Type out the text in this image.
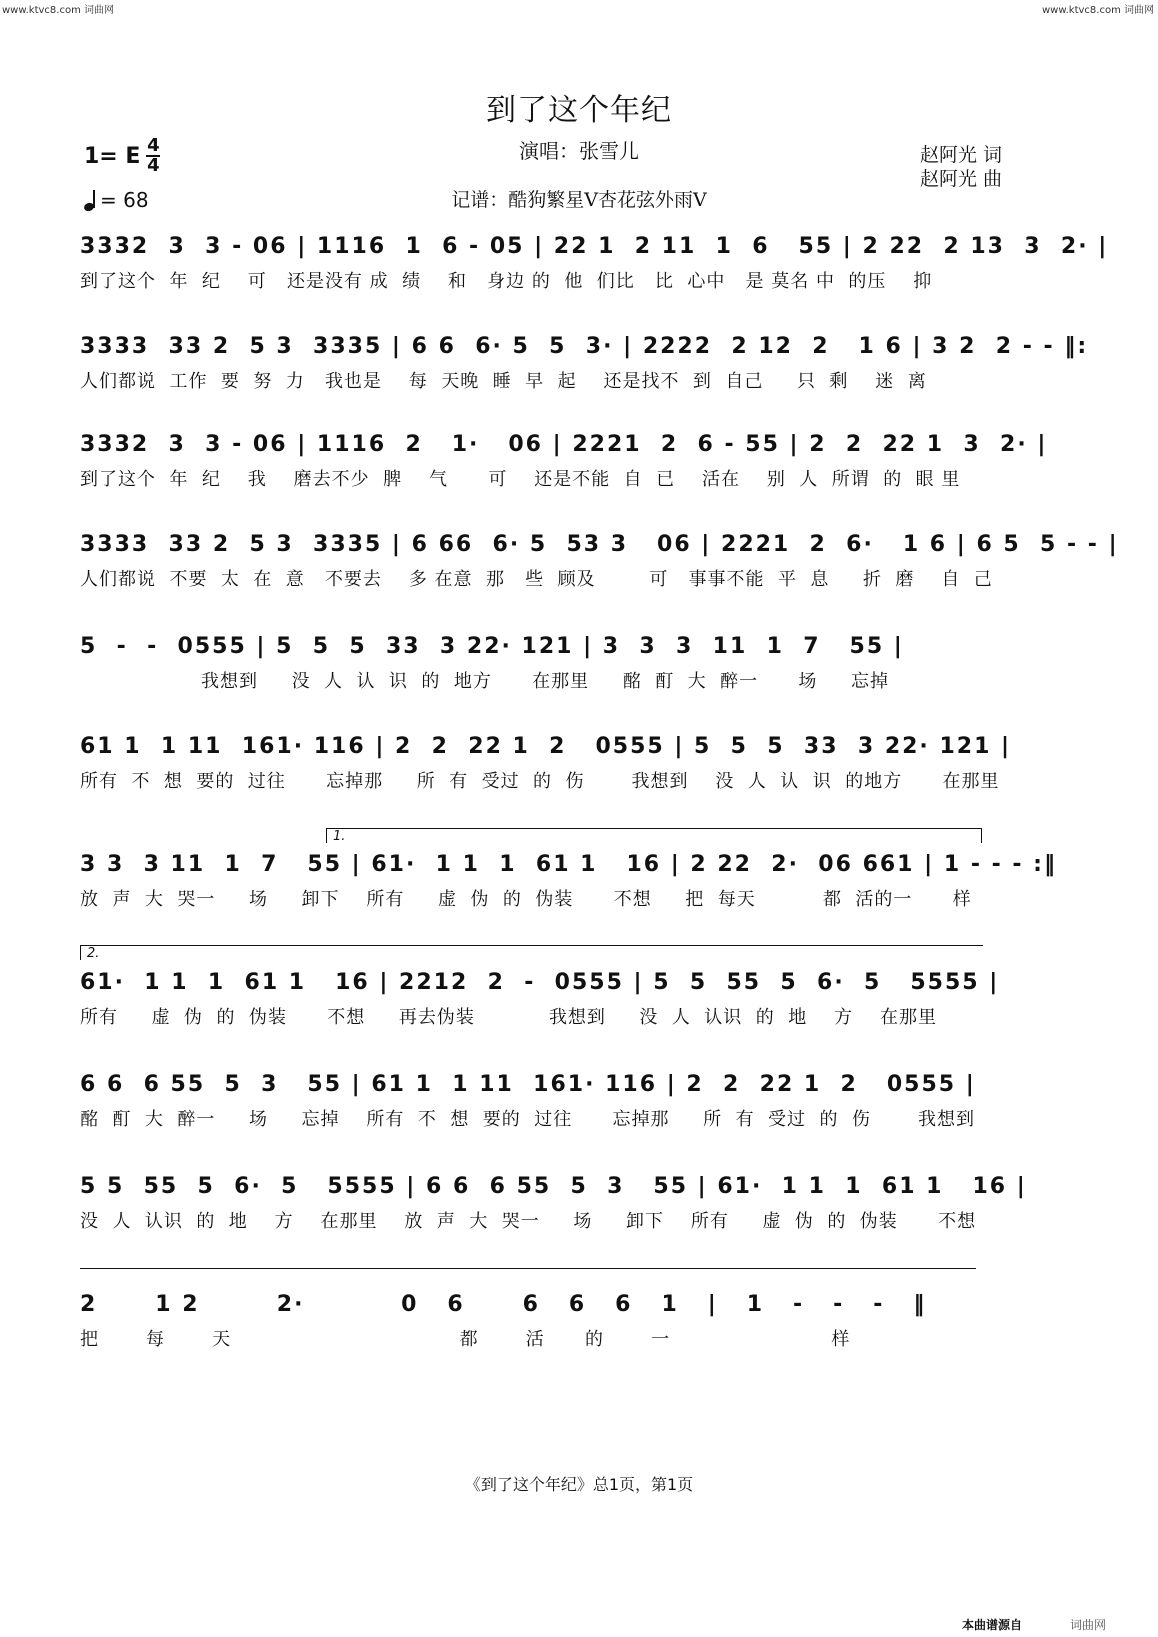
www.ktvc8.com 词曲网	www.ktvc8.com 词曲网
到了这个年纪
1= E $\frac{4}{4}$
= 68
演唱：张雪儿
记谱：酷狗繁星V杏花弦外雨V
赵阿光 词
赵阿光 曲
3332  3  3 - 06 | 1116  1  6 - 05 | 22 1  2 11  1  6   55 | 2 22  2 13  3  2· |
到了这个  年  纪    可   还是没有 成  绩    和   身边 的  他  们比   比  心中   是 莫名 中  的压    抑
3333  33 2  5 3  3335 | 6 6  6· 5  5  3· | 2222  2 12  2   1 6 | 3 2  2 - - ‖:
人们都说  工作  要  努  力   我也是    每  天晚  睡  早  起    还是找不  到  自己     只  剩    迷  离
3332  3  3 - 06 | 1116  2   1·   06 | 2221  2  6 - 55 | 2  2  22 1  3  2· |
到了这个  年  纪    我    磨去不少  脾    气      可    还是不能  自  已    活在    别  人  所谓  的  眼 里
3333  33 2  5 3  3335 | 6 66  6· 5  53 3   06 | 2221  2  6·   1 6 | 6 5  5 - - |
人们都说  不要  太  在  意   不要去    多 在意  那   些  顾及        可   事事不能  平  息     折  磨    自  己
5  -  -  0555 | 5  5  5  33  3 22· 121 | 3  3  3  11  1  7   55 |
我想到     没  人  认  识  的  地方      在那里     酩  酊  大  醉一      场     忘掉
61 1  1 11  161· 116 | 2  2  22 1  2   0555 | 5  5  5  33  3 22· 121 |
所有  不  想  要的  过往      忘掉那     所  有  受过  的  伤       我想到    没  人  认  识  的地方      在那里
1.
3 3  3 11  1  7   55 | 61·  1 1  1  61 1   16 | 2 22  2·  06 661 | 1 - - - :‖
放  声  大  哭一     场     卸下    所有     虚  伪  的  伪装      不想     把  每天          都  活的一      样
2.
61·  1 1  1  61 1   16 | 2212  2  -  0555 | 5  5  55  5  6·  5   5555 |
所有     虚  伪  的  伪装      不想     再去伪装           我想到     没  人  认识  的  地    方    在那里
6 6  6 55  5  3   55 | 61 1  1 11  161· 116 | 2  2  22 1  2   0555 |
酩  酊  大  醉一     场     忘掉    所有  不  想  要的  过往      忘掉那     所  有  受过  的  伤       我想到
5 5  55  5  6·  5   5555 | 6 6  6 55  5  3   55 | 61·  1 1  1  61 1   16 |
没  人  认识  的  地    方    在那里    放  声  大  哭一     场     卸下    所有     虚  伪  的  伪装      不想
2      1 2        2·          0   6      6   6   6   1   |   1   -   -   -   ‖
把       每       天                                  都       活      的       一                        样
《到了这个年纪》总1页，第1页
本曲谱源自	词曲网
